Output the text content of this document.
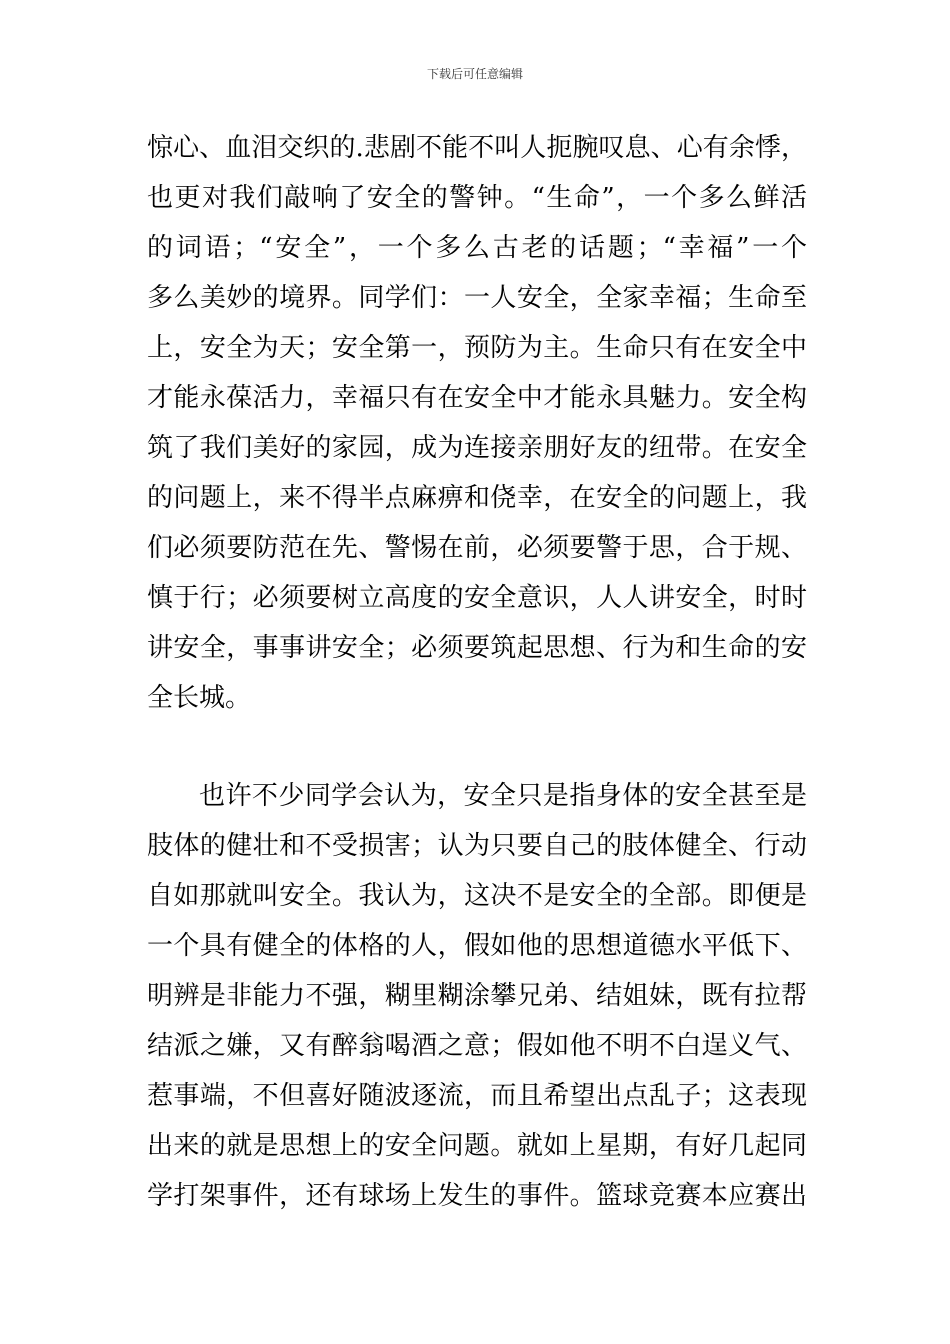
下载后可任意编辑
惊心、血泪交织的.悲剧不能不叫人扼腕叹息、心有余悸，
也更对我们敲响了安全的警钟。“生命”，一个多么鲜活
的词语；“安全”，一个多么古老的话题；“幸福”一个
多么美妙的境界。同学们：一人安全，全家幸福；生命至
上，安全为天；安全第一，预防为主。生命只有在安全中
才能永葆活力，幸福只有在安全中才能永具魅力。安全构
筑了我们美好的家园，成为连接亲朋好友的纽带。在安全
的问题上，来不得半点麻痹和侥幸，在安全的问题上，我
们必须要防范在先、警惕在前，必须要警于思，合于规、
慎于行；必须要树立高度的安全意识，人人讲安全，时时
讲安全，事事讲安全；必须要筑起思想、行为和生命的安
全长城。
也许不少同学会认为，安全只是指身体的安全甚至是
肢体的健壮和不受损害；认为只要自己的肢体健全、行动
自如那就叫安全。我认为，这决不是安全的全部。即便是
一个具有健全的体格的人，假如他的思想道德水平低下、
明辨是非能力不强，糊里糊涂攀兄弟、结姐妹，既有拉帮
结派之嫌，又有醉翁喝酒之意；假如他不明不白逞义气、
惹事端，不但喜好随波逐流，而且希望出点乱子；这表现
出来的就是思想上的安全问题。就如上星期，有好几起同
学打架事件，还有球场上发生的事件。篮球竞赛本应赛出
